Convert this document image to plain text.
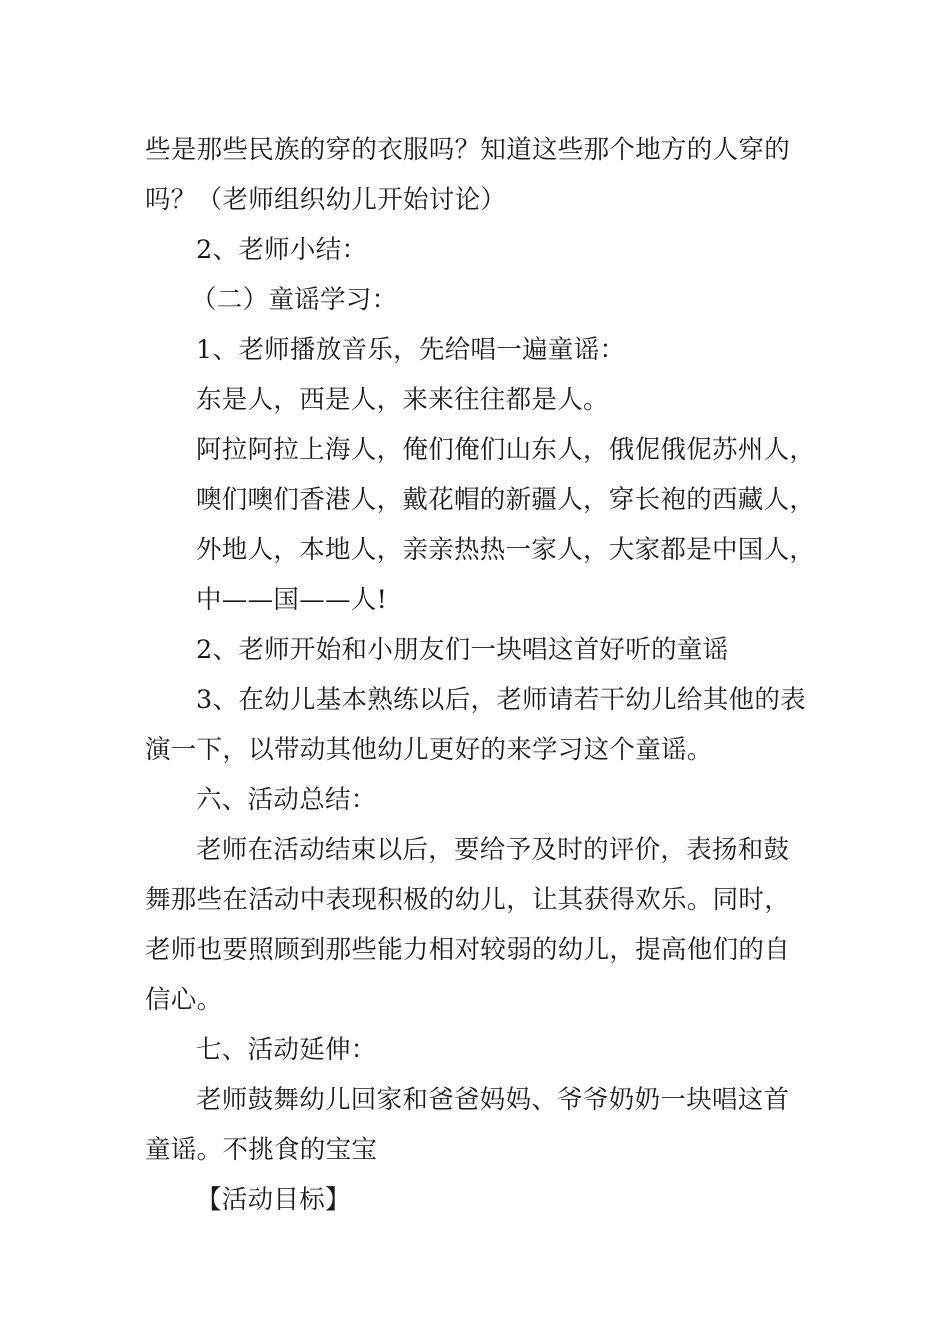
些是那些民族的穿的衣服吗？知道这些那个地方的人穿的
吗？（老师组织幼儿开始讨论）
2、老师小结：
（二）童谣学习：
1、老师播放音乐，先给唱一遍童谣：
东是人，西是人，来来往往都是人。
阿拉阿拉上海人，俺们俺们山东人，俄伲俄伲苏州人，
噢们噢们香港人，戴花帽的新疆人，穿长袍的西藏人，
外地人，本地人，亲亲热热一家人，大家都是中国人，
中——国——人!
2、老师开始和小朋友们一块唱这首好听的童谣
3、在幼儿基本熟练以后，老师请若干幼儿给其他的表
演一下，以带动其他幼儿更好的来学习这个童谣。
六、活动总结：
老师在活动结束以后，要给予及时的评价，表扬和鼓
舞那些在活动中表现积极的幼儿，让其获得欢乐。同时，
老师也要照顾到那些能力相对较弱的幼儿，提高他们的自
信心。
七、活动延伸：
老师鼓舞幼儿回家和爸爸妈妈、爷爷奶奶一块唱这首
童谣。不挑食的宝宝
【活动目标】
